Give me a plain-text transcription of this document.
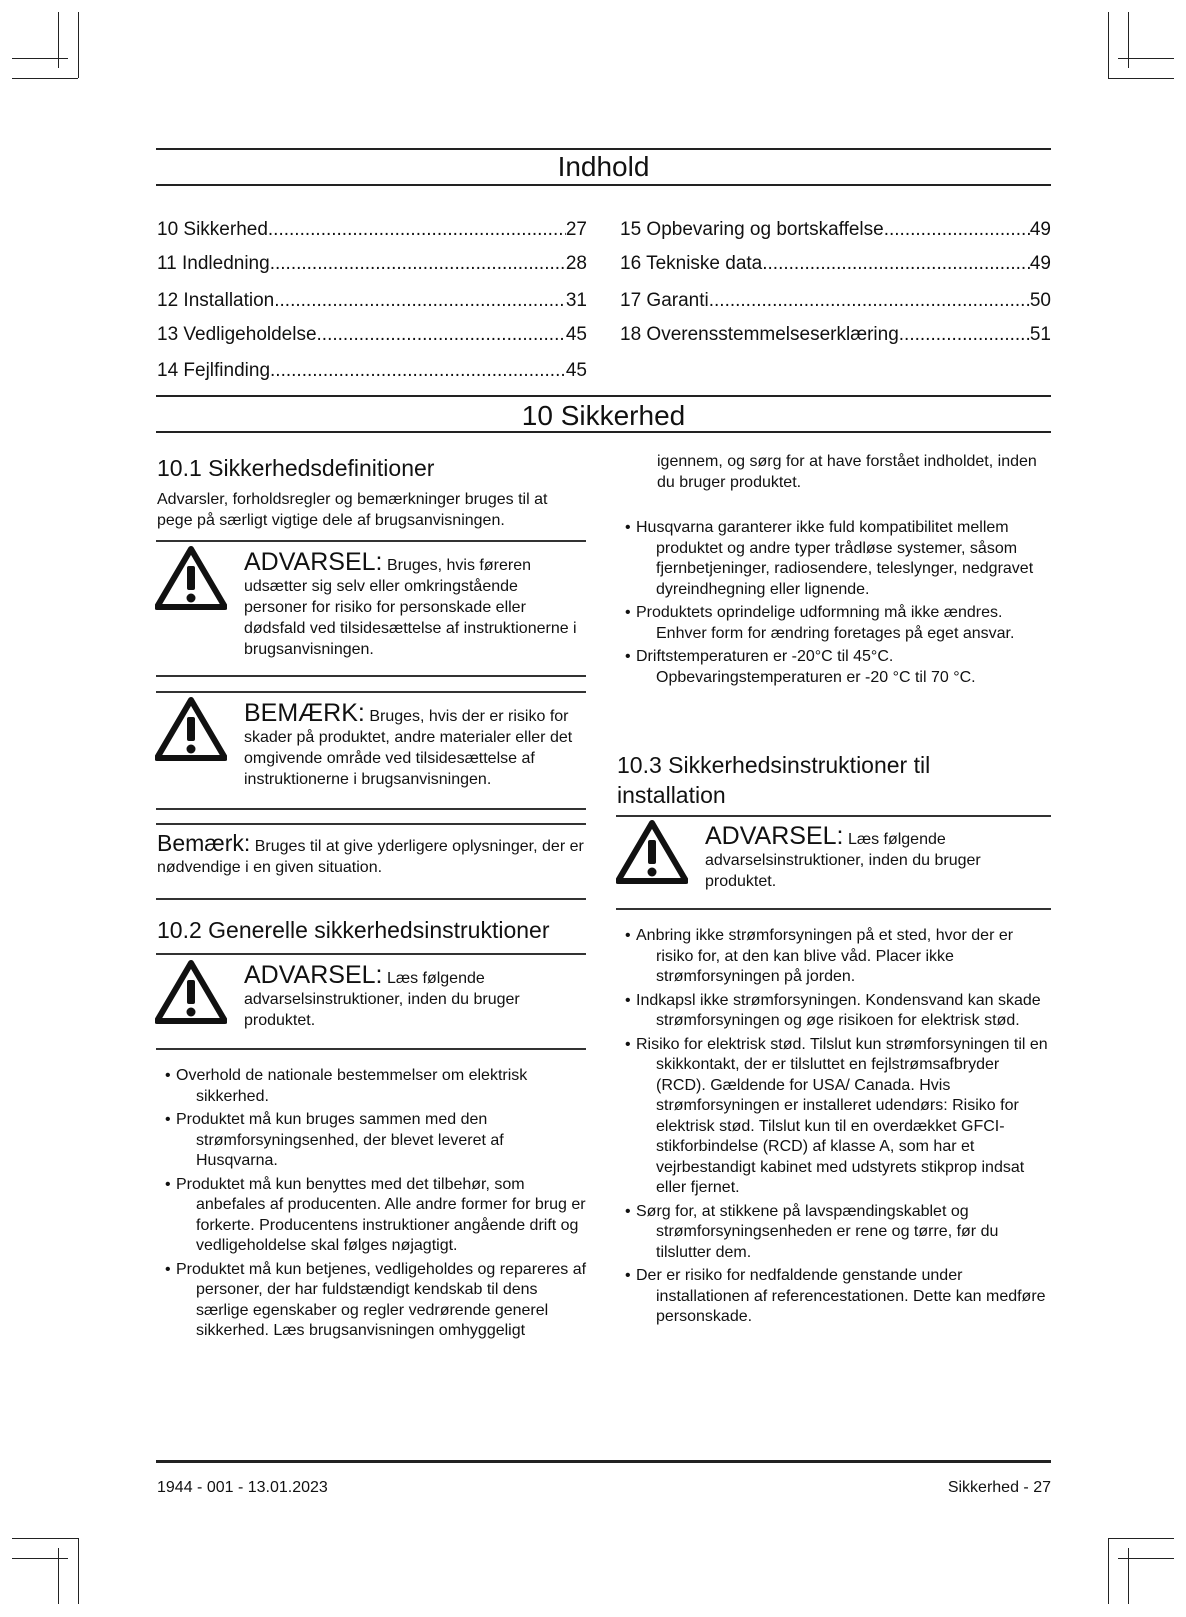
Indhold
10 Sikkerhed .....	27
11 Indledning .....	28
12 Installation .....	31
13 Vedligeholdelse .....	45
14 Fejlfinding .....	45
15 Opbevaring og bortskaffelse .....	49
16 Tekniske data .....	49
17 Garanti .....	50
18 Overensstemmelseserklæring .....	51
10 Sikkerhed
10.1 Sikkerhedsdefinitioner
Advarsler, forholdsregler og bemærkninger bruges til at pege på særligt vigtige dele af brugsanvisningen.
ADVARSEL: Bruges, hvis føreren udsætter sig selv eller omkringstående personer for risiko for personskade eller dødsfald ved tilsidesættelse af instruktionerne i brugsanvisningen.
BEMÆRK: Bruges, hvis der er risiko for skader på produktet, andre materialer eller det omgivende område ved tilsidesættelse af instruktionerne i brugsanvisningen.
Bemærk: Bruges til at give yderligere oplysninger, der er nødvendige i en given situation.
10.2 Generelle sikkerhedsinstruktioner
ADVARSEL: Læs følgende advarselsinstruktioner, inden du bruger produktet.
• Overhold de nationale bestemmelser om elektrisk sikkerhed.
• Produktet må kun bruges sammen med den strømforsyningsenhed, der blevet leveret af Husqvarna.
• Produktet må kun benyttes med det tilbehør, som anbefales af producenten. Alle andre former for brug er forkerte. Producentens instruktioner angående drift og vedligeholdelse skal følges nøjagtigt.
• Produktet må kun betjenes, vedligeholdes og repareres af personer, der har fuldstændigt kendskab til dens særlige egenskaber og regler vedrørende generel sikkerhed. Læs brugsanvisningen omhyggeligt
igennem, og sørg for at have forstået indholdet, inden du bruger produktet.
• Husqvarna garanterer ikke fuld kompatibilitet mellem produktet og andre typer trådløse systemer, såsom fjernbetjeninger, radiosendere, teleslynger, nedgravet dyreindhegning eller lignende.
• Produktets oprindelige udformning må ikke ændres. Enhver form for ændring foretages på eget ansvar.
• Driftstemperaturen er -20°C til 45°C. Opbevaringstemperaturen er -20 °C til 70 °C.
10.3 Sikkerhedsinstruktioner til installation
ADVARSEL: Læs følgende advarselsinstruktioner, inden du bruger produktet.
• Anbring ikke strømforsyningen på et sted, hvor der er risiko for, at den kan blive våd. Placer ikke strømforsyningen på jorden.
• Indkapsl ikke strømforsyningen. Kondensvand kan skade strømforsyningen og øge risikoen for elektrisk stød.
• Risiko for elektrisk stød. Tilslut kun strømforsyningen til en skikkontakt, der er tilsluttet en fejlstrømsafbryder (RCD). Gældende for USA/ Canada. Hvis strømforsyningen er installeret udendørs: Risiko for elektrisk stød. Tilslut kun til en overdækket GFCI-stikforbindelse (RCD) af klasse A, som har et vejrbestandigt kabinet med udstyrets stikprop indsat eller fjernet.
• Sørg for, at stikkene på lavspændingskablet og strømforsyningsenheden er rene og tørre, før du tilslutter dem.
• Der er risiko for nedfaldende genstande under installationen af referencestationen. Dette kan medføre personskade.
1944 - 001 - 13.01.2023	Sikkerhed - 27
